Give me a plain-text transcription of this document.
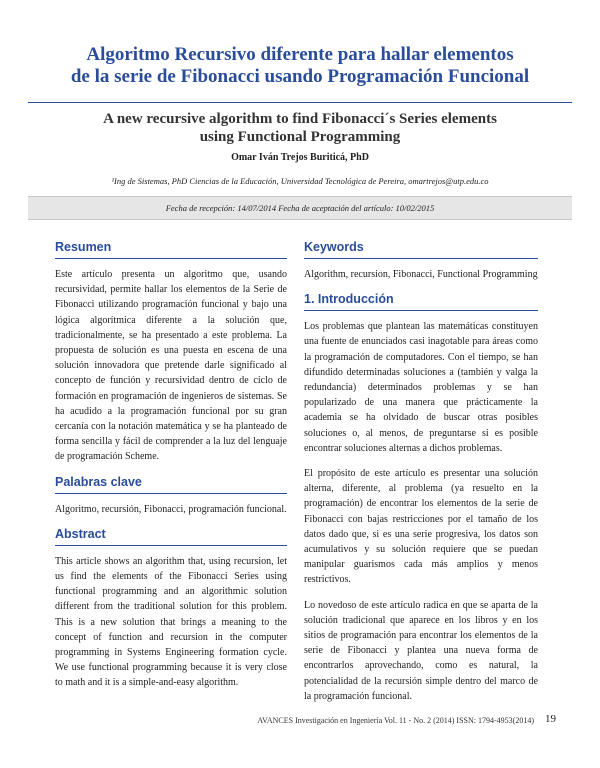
Algoritmo Recursivo diferente para hallar elementos
de la serie de Fibonacci usando Programación Funcional
A new recursive algorithm to find Fibonacci´s Series elements
using Functional Programming
Omar Iván Trejos Buriticá, PhD
¹Ing de Sistemas, PhD Ciencias de la Educación, Universidad Tecnológica de Pereira, omartrejos@utp.edu.co
Fecha de recepción: 14/07/2014 Fecha de aceptación del artículo: 10/02/2015
Resumen

Este artículo presenta un algoritmo que, usando recursividad, permite hallar los elementos de la Serie de Fibonacci utilizando programación funcional y bajo una lógica algorítmica diferente a la solución que, tradicionalmente, se ha presentado a este problema. La propuesta de solución es una puesta en escena de una solución innovadora que pretende darle significado al concepto de función y recursividad dentro de ciclo de formación en programación de ingenieros de sistemas. Se ha acudido a la programación funcional por su gran cercanía con la notación matemática y se ha planteado de forma sencilla y fácil de comprender a la luz del lenguaje de programación Scheme.

Palabras clave

Algoritmo, recursión, Fibonacci, programación funcional.

Abstract

This article shows an algorithm that, using recursion, let us find the elements of the Fibonacci Series using functional programming and an algorithmic solution different from the traditional solution for this problem. This is a new solution that brings a meaning to the concept of function and recursion in the computer programming in Systems Engineering formation cycle. We use functional programming because it is very close to math and it is a simple-and-easy algorithm.

Keywords

Algorithm, recursion, Fibonacci, Functional Programming

1. Introducción

Los problemas que plantean las matemáticas constituyen una fuente de enunciados casi inagotable para áreas como la programación de computadores. Con el tiempo, se han difundido determinadas soluciones a (también y valga la redundancia) determinados problemas y se han popularizado de una manera que prácticamente la academia se ha olvidado de buscar otras posibles soluciones o, al menos, de preguntarse si es posible encontrar soluciones alternas a dichos problemas.

El propósito de este artículo es presentar una solución alterna, diferente, al problema (ya resuelto en la programación) de encontrar los elementos de la serie de Fibonacci con bajas restricciones por el tamaño de los datos dado que, si es una serie progresiva, los datos son acumulativos y su solución requiere que se puedan manipular guarismos cada más amplios y menos restrictivos.

Lo novedoso de este artículo radica en que se aparta de la solución tradicional que aparece en los libros y en los sitios de programación para encontrar los elementos de la serie de Fibonacci y plantea una nueva forma de encontrarlos aprovechando, como es natural, la potencialidad de la recursión simple dentro del marco de la programación funcional.

AVANCES Investigación en Ingeniería Vol. 11 - No. 2 (2014) ISSN: 1794-4953(2014) 19
